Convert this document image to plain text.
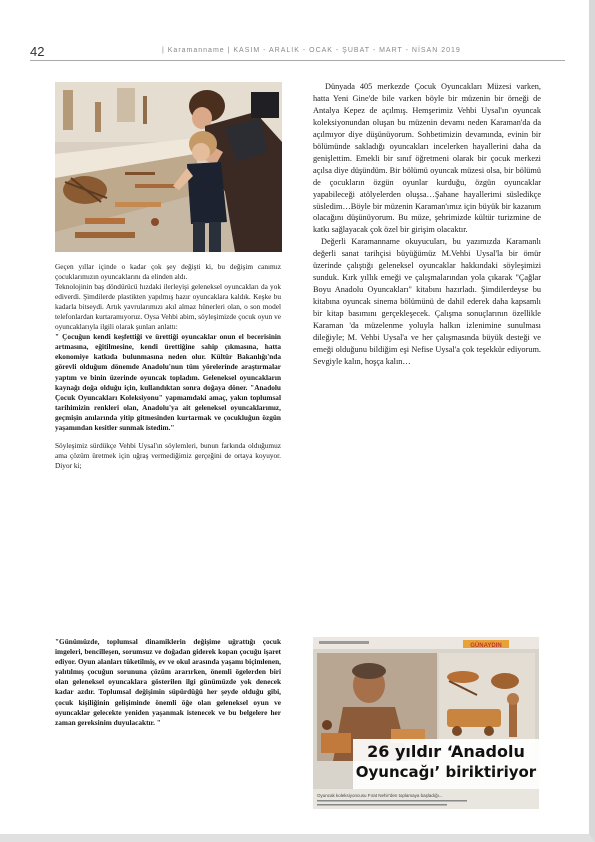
42	| Karamanname | KASIM - ARALIK - OCAK - ŞUBAT - MART - NİSAN 2019

Geçen yıllar içinde o kadar çok şey değişti ki, bu değişim canımız çocuklarımızın oyuncaklarını da elinden aldı.

Teknolojinin baş döndürücü hızdaki ilerleyişi geleneksel oyuncakları da yok ediverdi. Şimdilerde plastikten yapılmış hazır oyuncaklara kaldık. Keşke bu kadarla bitseydi. Artık yavrularımızı akıl almaz hünerleri olan, o son model telefonlardan kurtaramıyoruz. Oysa Vehbi abim, söyleşimizde çocuk oyun ve oyuncaklarıyla ilgili olarak şunları anlattı:

" Çocuğun kendi keşfettiği ve ürettiği oyuncaklar onun el becerisinin artmasına, eğitilmesine, kendi ürettiğine sahip çıkmasına, hatta ekonomiye katkıda bulunmasına neden olur. Kültür Bakanlığı'nda görevli olduğum dönemde Anadolu'nun tüm yörelerinde araştırmalar yaptım ve binin üzerinde oyuncak topladım. Geleneksel oyuncakların kaynağı doğa olduğu için, kullandıktan sonra doğaya döner. "Anadolu Çocuk Oyuncakları Koleksiyonu" yapmamdaki amaç, yakın toplumsal tarihimizin renkleri olan, Anadolu'ya ait geleneksel oyuncaklarımız, geçmişin anılarında yitip gitmesinden kurtarmak ve çocukluğun özgün yaşamından kesitler sunmak istedim."

Söyleşimiz sürdükçe Vehbi Uysal'ın söylemleri, bunun farkında olduğumuz ama çözüm üretmek için uğraş vermediğimiz gerçeğini de ortaya koyuyor. Diyor ki;

"Günümüzde, toplumsal dinamiklerin değişime uğrattığı çocuk imgeleri, bencilleşen, sorumsuz ve doğadan giderek kopan çocuğu işaret ediyor. Oyun alanları tüketilmiş, ev ve okul arasında yaşamı biçimlenen, yalıtılmış çocuğun sorununa çözüm ararırken, önemli ögelerden biri olan geleneksel oyuncaklara gösterilen ilgi günümüzde yok denecek kadar azdır. Toplumsal değişimin süpürdüğü her şeyde olduğu gibi, çocuk kişiliğinin gelişiminde önemli öğe olan geleneksel oyun ve oyuncaklar gelecekte yeniden yaşanmak istenecek ve bu belgelere her zaman gereksinim duyulacaktır. "

Dünyada 405 merkezde Çocuk Oyuncakları Müzesi varken, hatta Yeni Gine'de bile varken böyle bir müzenin bir örneği de Antalya Kepez de açılmış. Hemşerimiz Vehbi Uysal'ın oyuncak koleksiyonundan oluşan bu müzenin devamı neden Karaman'da da açılmıyor diye düşünüyorum. Sohbetimizin devamında, evinin bir bölümünde sakladığı oyuncakları incelerken hayallerini daha da genişlettim. Emekli bir sınıf öğretmeni olarak bir çocuk merkezi açılsa diye düşündüm. Bir bölümü oyuncak müzesi olsa, bir bölümü de çocukların özgün oyunlar kurduğu, özgün oyuncaklar yapabileceği atölyelerden oluşsa…Şahane hayallerimi süsledikçe süsledim…Böyle bir müzenin Karaman'ımız için büyük bir kazanım olacağını düşünüyorum. Bu müze, şehrimizde kültür turizmine de katkı sağlayacak çok özel bir girişim olacaktır.

Değerli Karamanname okuyucuları, bu yazımızda Karamanlı değerli sanat tarihçisi büyüğümüz M.Vehbi Uysal'la bir ömür üzerinde çalıştığı geleneksel oyuncaklar hakkındaki söyleşimizi sunduk. Kırk yıllık emeği ve çalışmalarından yola çıkarak "Çağlar Boyu Anadolu Oyuncakları" kitabını hazırladı. Şimdilerdeyse bu kitabına oyuncak sinema bölümünü de dahil ederek daha kapsamlı bir kitap basımını gerçekleşecek. Çalışma sonuçlarının özellikle Karaman 'da müzelenme yoluyla halkın izlenimine sunulması dileğiyle; M. Vehbi Uysal'a ve her çalışmasında büyük desteği ve emeği olduğunu bildiğim eşi Nefise Uysal'a çok teşekkür ediyorum. Sevgiyle kalın, hoşça kalın…

GÜNAYDIN
26 yıldır ‘Anadolu
Oyuncağı’ biriktiriyor
Oyuncak koleksiyoncusu Fırat Nehir'den toplamaya başladığı...
